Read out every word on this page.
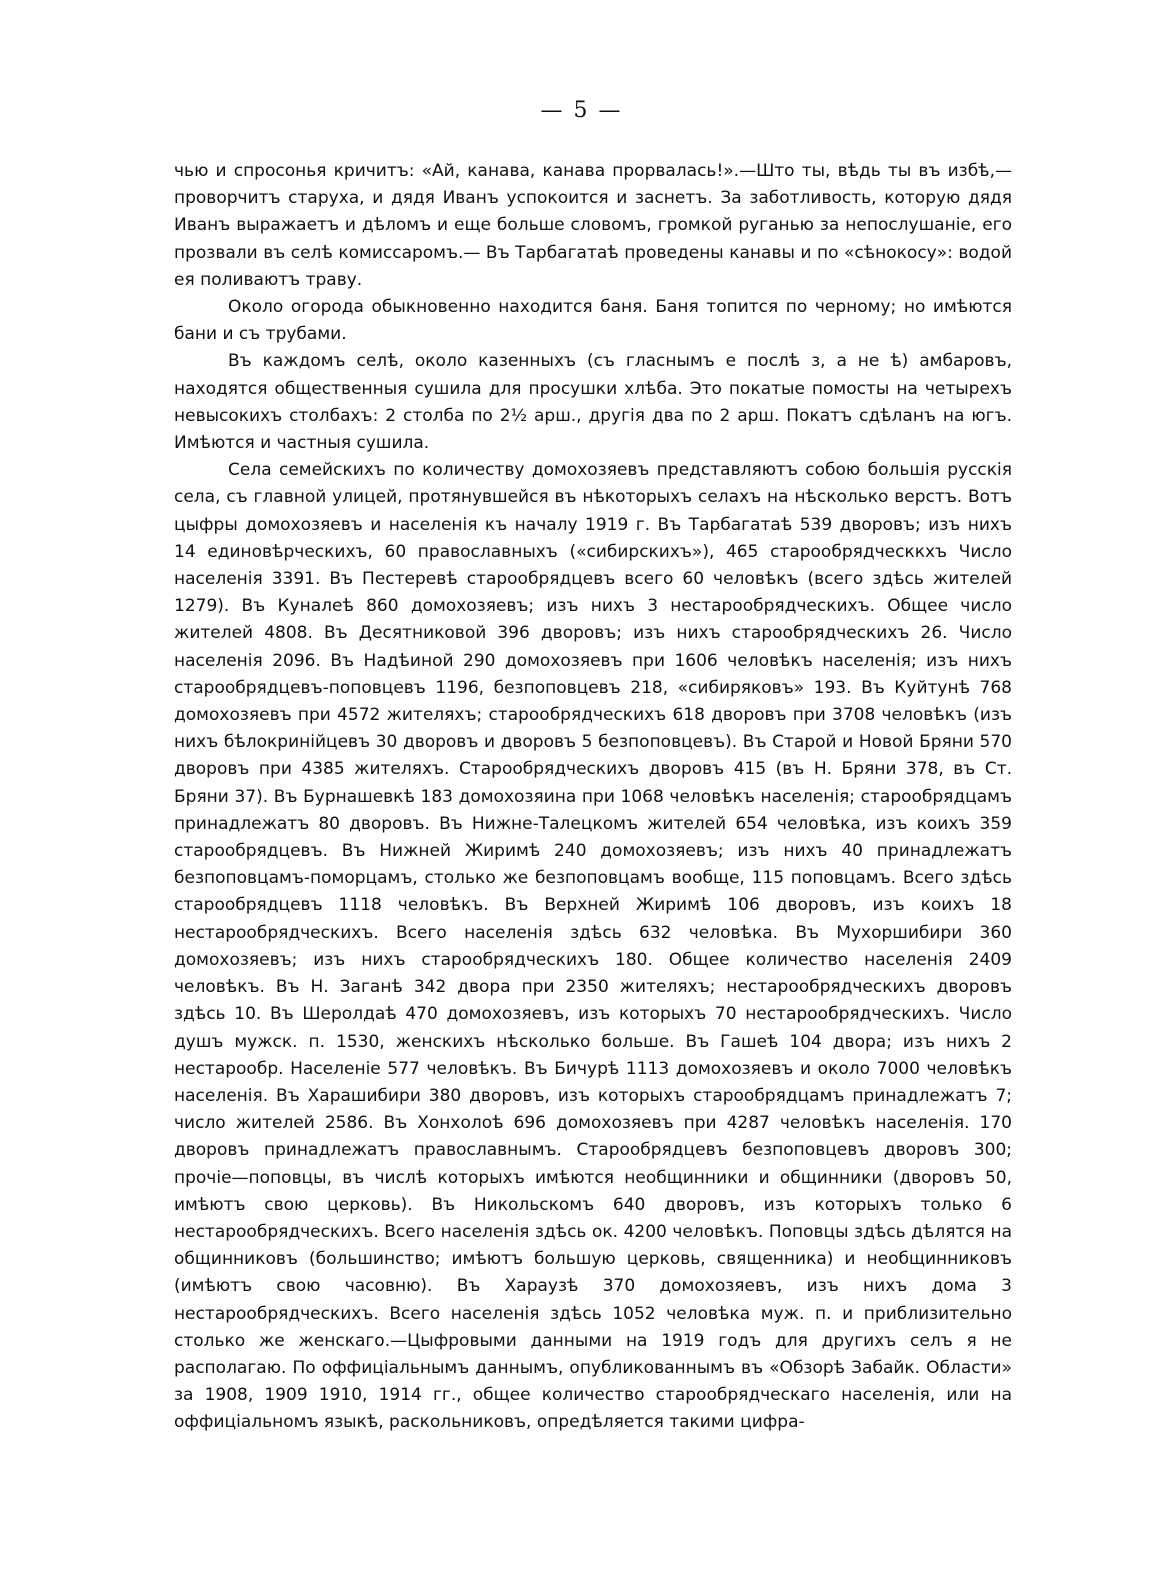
— 5 —

чью и спросонья кричитъ: «Ай, канава, канава прорвалась!».—Што ты, вѣдь ты въ избѣ,—проворчитъ старуха, и дядя Иванъ успокоится и заснетъ. За заботливость, которую дядя Иванъ выражаетъ и дѣломъ и еще больше словомъ, громкой руганью за непослушаніе, его прозвали въ селѣ комиссаромъ.— Въ Тарбагатаѣ проведены канавы и по «сѣнокосу»: водой ея поливаютъ траву.

Около огорода обыкновенно находится баня. Баня топится по черному; но имѣются бани и съ трубами.

Въ каждомъ селѣ, около казенныхъ (съ гласнымъ е послѣ з, а не ѣ) амбаровъ, находятся общественныя сушила для просушки хлѣба. Это покатые помосты на четырехъ невысокихъ столбахъ: 2 столба по 2½ арш., другія два по 2 арш. Покатъ сдѣланъ на югъ. Имѣются и частныя сушила.

Села семейскихъ по количеству домохозяевъ представляютъ собою большія русскія села, съ главной улицей, протянувшейся въ нѣкоторыхъ селахъ на нѣсколько верстъ. Вотъ цыфры домохозяевъ и населенія къ началу 1919 г. Въ Тарбагатаѣ 539 дворовъ; изъ нихъ 14 единовѣрческихъ, 60 православныхъ («сибирскихъ»), 465 старообрядческкхъ Число населенія 3391. Въ Пестеревѣ старообрядцевъ всего 60 человѣкъ (всего здѣсь жителей 1279). Въ Куналеѣ 860 домохозяевъ; изъ нихъ 3 нестарообрядческихъ. Общее число жителей 4808. Въ Десятниковой 396 дворовъ; изъ нихъ старообрядческихъ 26. Число населенія 2096. Въ Надѣиной 290 домохозяевъ при 1606 человѣкъ населенія; изъ нихъ старообрядцевъ-поповцевъ 1196, безпоповцевъ 218, «сибиряковъ» 193. Въ Куйтунѣ 768 домохозяевъ при 4572 жителяхъ; старообрядческихъ 618 дворовъ при 3708 человѣкъ (изъ нихъ бѣлокринійцевъ 30 дворовъ и дворовъ 5 безпоповцевъ). Въ Старой и Новой Бряни 570 дворовъ при 4385 жителяхъ. Старообрядческихъ дворовъ 415 (въ Н. Бряни 378, въ Ст. Бряни 37). Въ Бурнашевкѣ 183 домохозяина при 1068 человѣкъ населенія; старообрядцамъ принадлежатъ 80 дворовъ. Въ Нижне-Талецкомъ жителей 654 человѣка, изъ коихъ 359 старообрядцевъ. Въ Нижней Жиримѣ 240 домохозяевъ; изъ нихъ 40 принадлежатъ безпоповцамъ-поморцамъ, столько же безпоповцамъ вообще, 115 поповцамъ. Всего здѣсь старообрядцевъ 1118 человѣкъ. Въ Верхней Жиримѣ 106 дворовъ, изъ коихъ 18 нестарообрядческихъ. Всего населенія здѣсь 632 человѣка. Въ Мухоршибири 360 домохозяевъ; изъ нихъ старообрядческихъ 180. Общее количество населенія 2409 человѣкъ. Въ Н. Заганѣ 342 двора при 2350 жителяхъ; нестарообрядческихъ дворовъ здѣсь 10. Въ Шеролдаѣ 470 домохозяевъ, изъ которыхъ 70 нестарообрядческихъ. Число душъ мужск. п. 1530, женскихъ нѣсколько больше. Въ Гашеѣ 104 двора; изъ нихъ 2 нестарообр. Населеніе 577 человѣкъ. Въ Бичурѣ 1113 домохозяевъ и около 7000 человѣкъ населенія. Въ Харашибири 380 дворовъ, изъ которыхъ старообрядцамъ принадлежатъ 7; число жителей 2586. Въ Хонхолоѣ 696 домохозяевъ при 4287 человѣкъ населенія. 170 дворовъ принадлежатъ православнымъ. Старообрядцевъ безпоповцевъ дворовъ 300; прочіе—поповцы, въ числѣ которыхъ имѣются необщинники и общинники (дворовъ 50, имѣютъ свою церковь). Въ Никольскомъ 640 дворовъ, изъ которыхъ только 6 нестарообрядческихъ. Всего населенія здѣсь ок. 4200 человѣкъ. Поповцы здѣсь дѣлятся на общинниковъ (большинство; имѣютъ большую церковь, священника) и необщинниковъ (имѣютъ свою часовню). Въ Хараузѣ 370 домохозяевъ, изъ нихъ дома 3 нестарообрядческихъ. Всего населенія здѣсь 1052 человѣка муж. п. и приблизительно столько же женскаго.—Цыфровыми данными на 1919 годъ для другихъ селъ я не располагаю. По оффиціальнымъ даннымъ, опубликованнымъ въ «Обзорѣ Забайк. Области» за 1908, 1909 1910, 1914 гг., общее количество старообрядческаго населенія, или на оффиціальномъ языкѣ, раскольниковъ, опредѣляется такими цифра-
